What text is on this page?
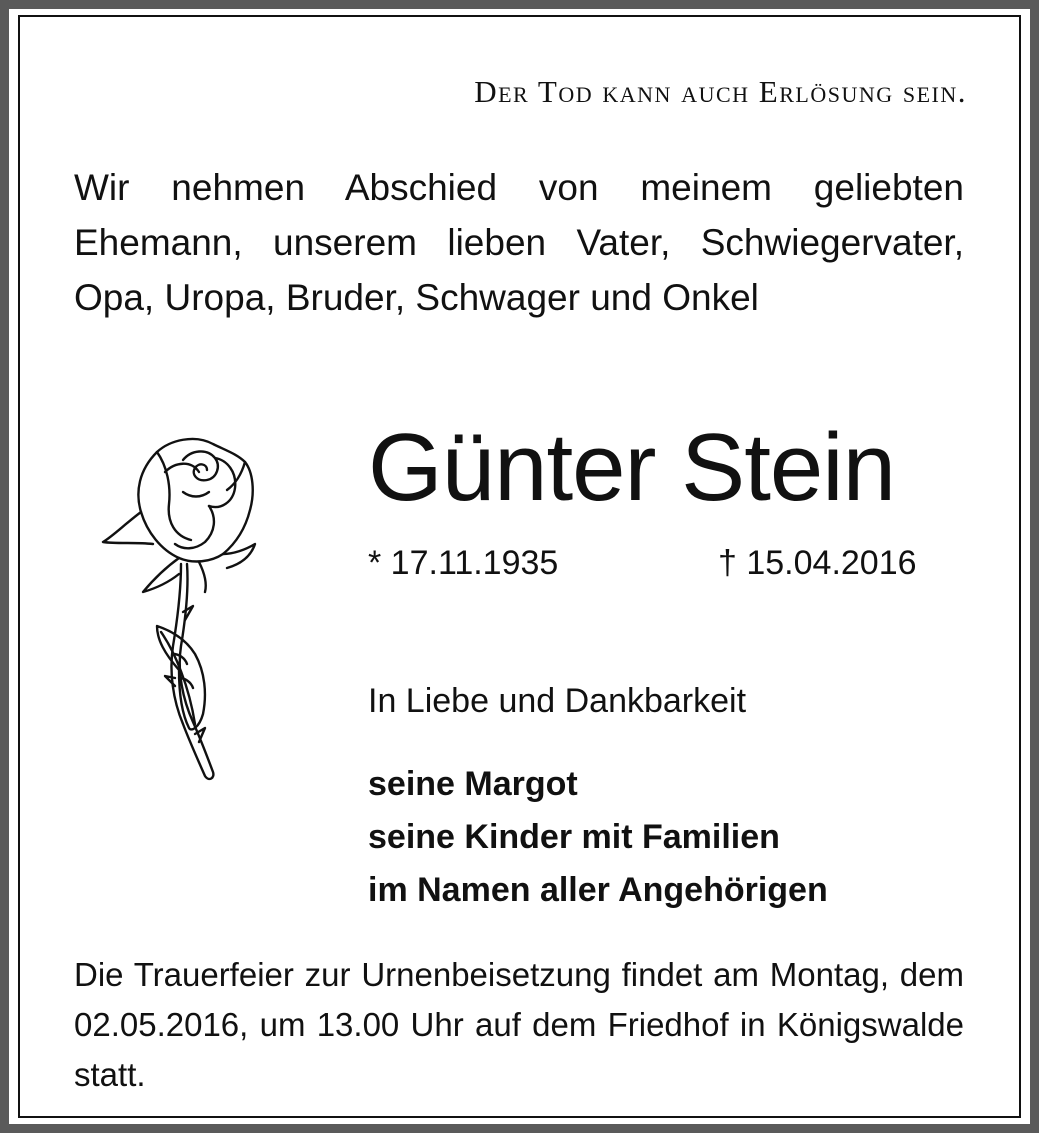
Der Tod kann auch Erlösung sein.

Wir nehmen Abschied von meinem geliebten Ehemann, unserem lieben Vater, Schwiegervater, Opa, Uropa, Bruder, Schwager und Onkel

Günter Stein
* 17.11.1935	† 15.04.2016
In Liebe und Dankbarkeit
seine Margot
seine Kinder mit Familien
im Namen aller Angehörigen

Die Trauerfeier zur Urnenbeisetzung findet am Montag, dem 02.05.2016, um 13.00 Uhr auf dem Friedhof in Königswalde statt.
